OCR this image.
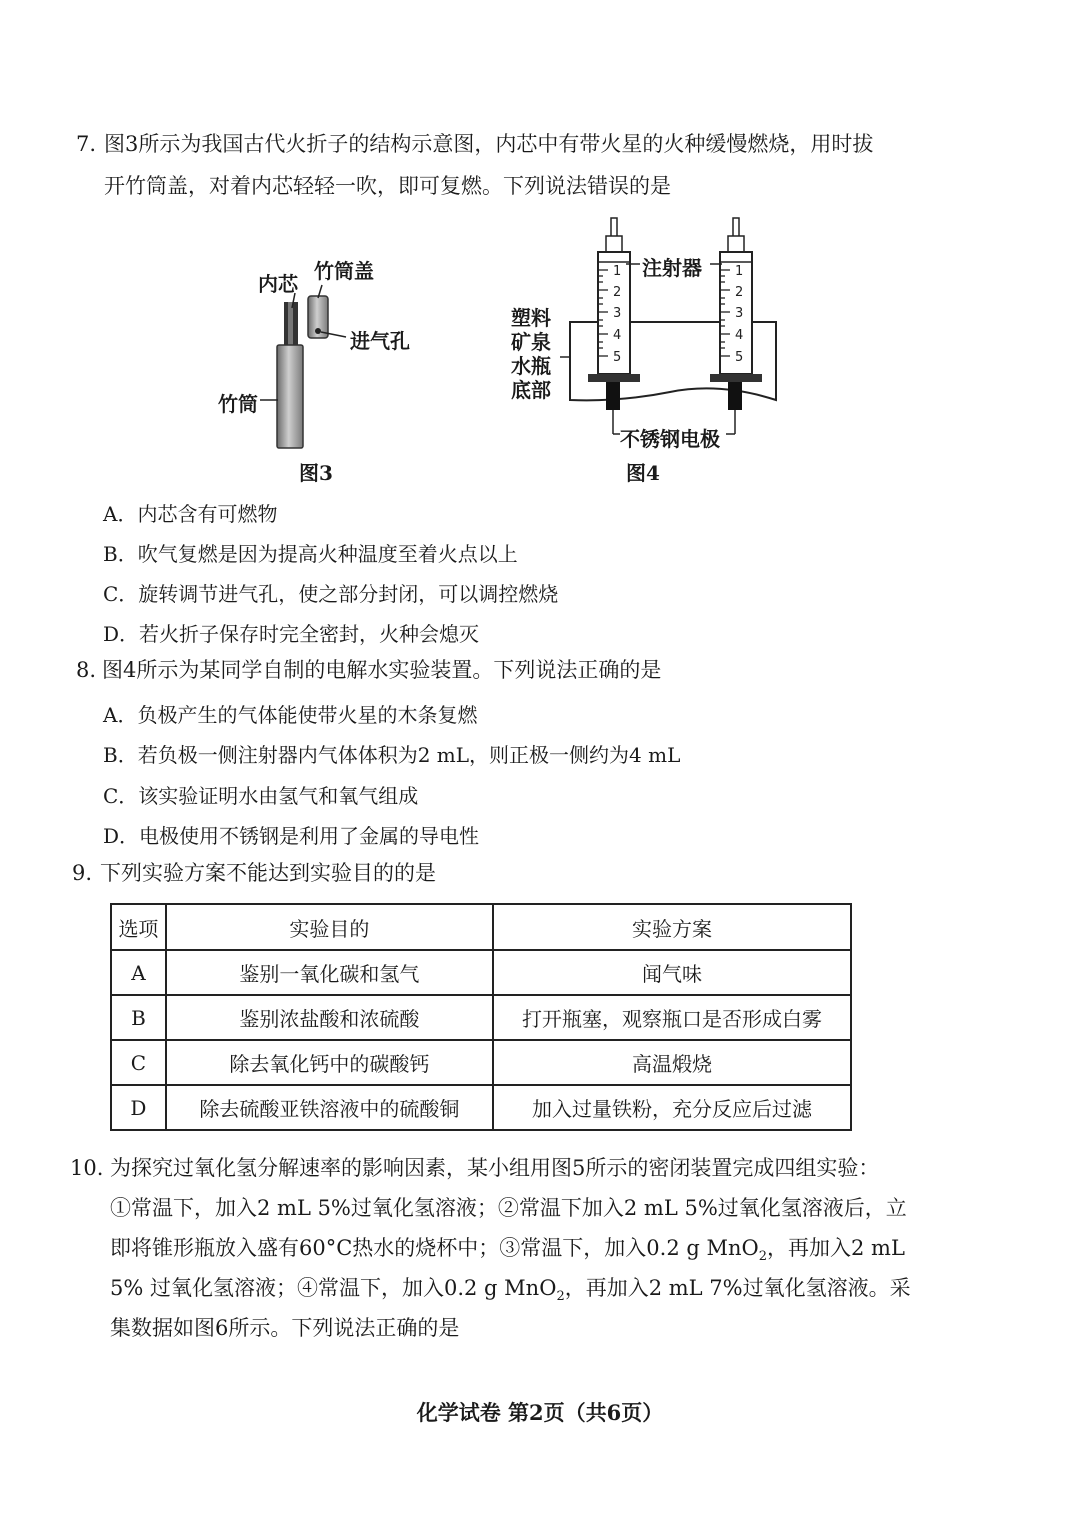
7. 图3所示为我国古代火折子的结构示意图，内芯中有带火星的火种缓慢燃烧，用时拔
开竹筒盖，对着内芯轻轻一吹，即可复燃。下列说法错误的是
内芯
竹筒盖
进气孔
竹筒
图3
1
2
3
4
5
1
2
3
4
5
注射器
塑料
矿泉
水瓶
底部
不锈钢电极
图4
A．内芯含有可燃物
B．吹气复燃是因为提高火种温度至着火点以上
C．旋转调节进气孔，使之部分封闭，可以调控燃烧
D．若火折子保存时完全密封，火种会熄灭
8. 图4所示为某同学自制的电解水实验装置。下列说法正确的是
A．负极产生的气体能使带火星的木条复燃
B．若负极一侧注射器内气体体积为2 mL，则正极一侧约为4 mL
C．该实验证明水由氢气和氧气组成
D．电极使用不锈钢是利用了金属的导电性
9. 下列实验方案不能达到实验目的的是
选项	实验目的	实验方案
A	鉴别一氧化碳和氢气	闻气味
B	鉴别浓盐酸和浓硫酸	打开瓶塞，观察瓶口是否形成白雾
C	除去氧化钙中的碳酸钙	高温煅烧
D	除去硫酸亚铁溶液中的硫酸铜	加入过量铁粉，充分反应后过滤
10. 为探究过氧化氢分解速率的影响因素，某小组用图5所示的密闭装置完成四组实验：
①常温下，加入2 mL 5%过氧化氢溶液；②常温下加入2 mL 5%过氧化氢溶液后，立
即将锥形瓶放入盛有60°C热水的烧杯中；③常温下，加入0.2 g MnO$_2$，再加入2 mL
5% 过氧化氢溶液；④常温下，加入0.2 g MnO$_2$，再加入2 mL 7%过氧化氢溶液。采
集数据如图6所示。下列说法正确的是
化学试卷 第2页（共6页）
